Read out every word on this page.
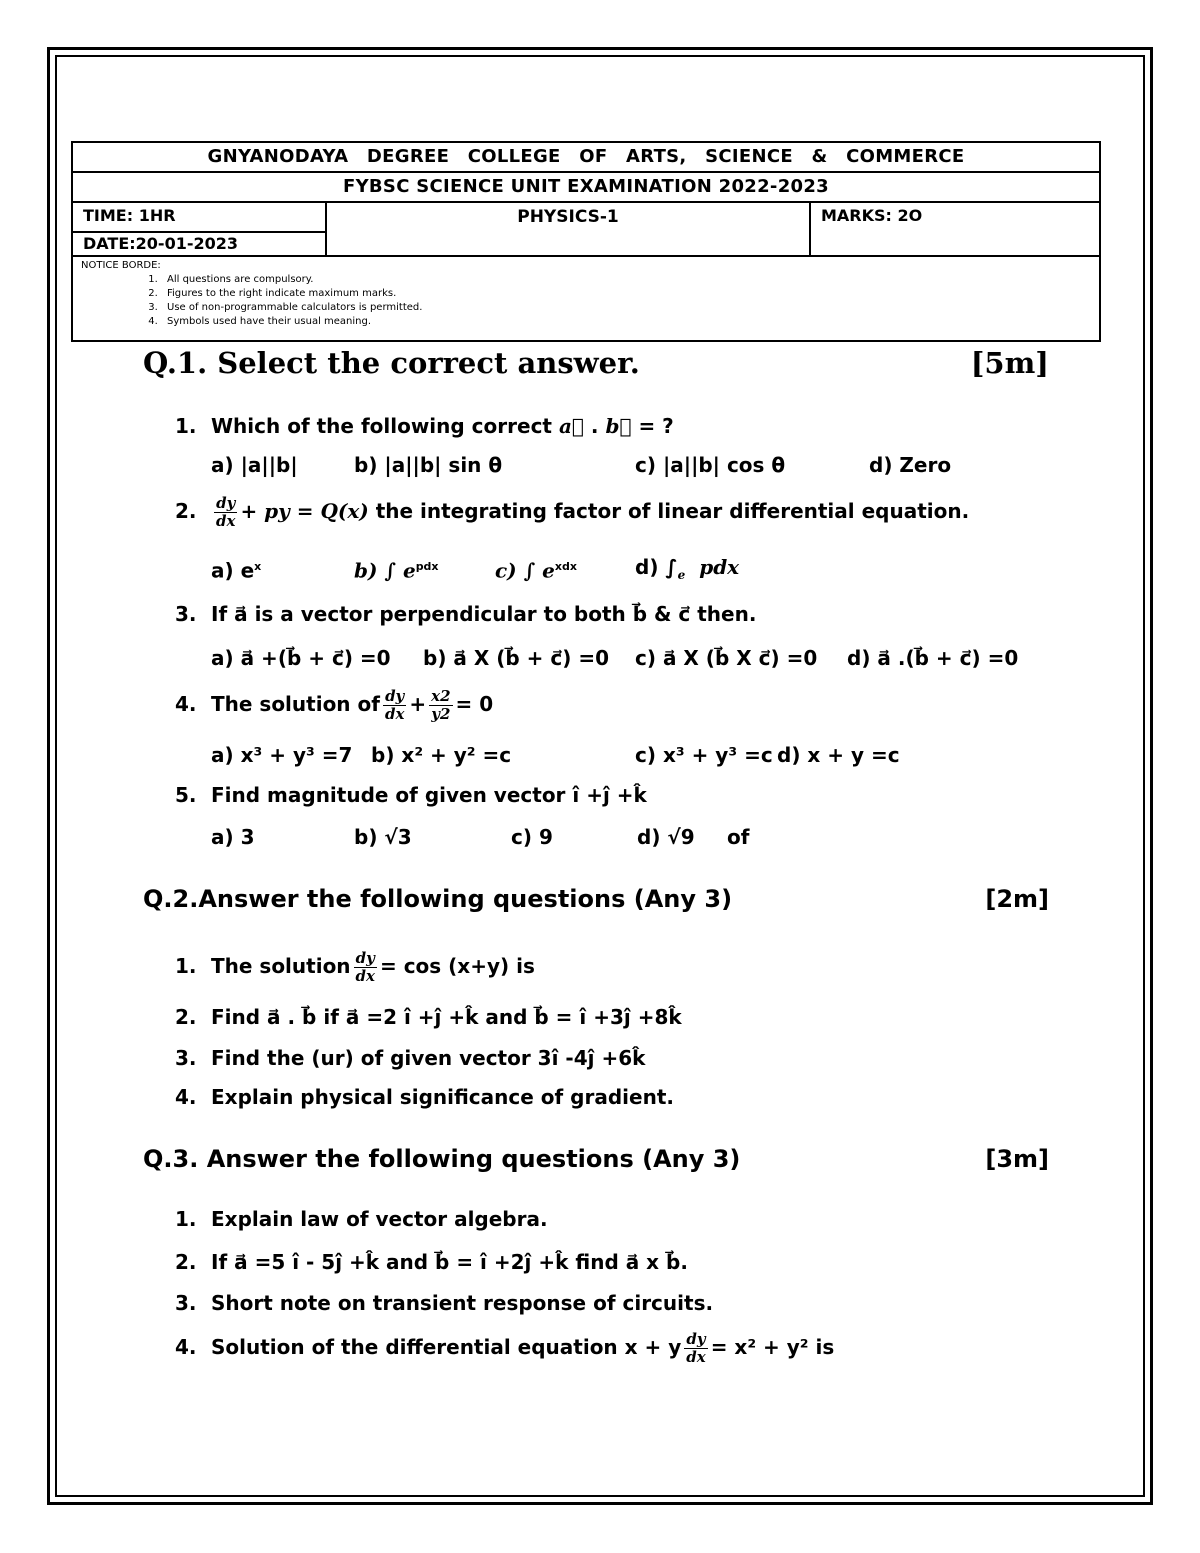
GNYANODAYA DEGREE COLLEGE OF ARTS, SCIENCE & COMMERCE
FYBSC SCIENCE UNIT EXAMINATION 2022-2023
TIME: 1HR
DATE:20-01-2023
PHYSICS-1	MARKS: 2O
NOTICE BORDE:
1. All questions are compulsory.
2. Figures to the right indicate maximum marks.
3. Use of non-programmable calculators is permitted.
4. Symbols used have their usual meaning.
Q.1. Select the correct answer.	[5m]
1. Which of the following correct a⃗ . b⃗ = ?
a) |a||b|	b) |a||b| sin θ	c) |a||b| cos θ	d) Zero
2. $\frac{dy}{dx}$ + py = Q(x) the integrating factor of linear differential equation.
a) $e^x$	b) ∫ $e^{pdx}$	c) ∫ $e^{xdx}$	d) $\int_e$ pdx
3. If a⃗ is a vector perpendicular to both b⃗ & c⃗ then.
a) a⃗ +(b⃗ + c⃗) =0 b) a⃗ X (b⃗ + c⃗) =0 c) a⃗ X (b⃗ X c⃗) =0 d) a⃗ .(b⃗ + c⃗) =0
4. The solution of $\frac{dy}{dx} + \frac{x2}{y2} = 0$
a) x³ + y³ =7 b) x² + y² =c	c) x³ + y³ =c d) x + y =c
5. Find magnitude of given vector î +ĵ +k̂
a) 3	b) √3	c) 9	d) √9 of
Q.2.Answer the following questions (Any 3)	[2m]
1. The solution $\frac{dy}{dx} = \cos (x+y)$ is
2. Find a⃗ . b⃗ if a⃗ =2 î +ĵ +k̂ and b⃗ = î +3ĵ +8k̂
3. Find the (ur) of given vector 3î -4ĵ +6k̂
4. Explain physical significance of gradient.
Q.3. Answer the following questions (Any 3)	[3m]
1. Explain law of vector algebra.
2. If a⃗ =5 î - 5ĵ +k̂ and b⃗ = î +2ĵ +k̂ find a⃗ x b⃗.
3. Short note on transient response of circuits.
4. Solution of the differential equation x + y $\frac{dy}{dx} = x^2 + y^2$ is
